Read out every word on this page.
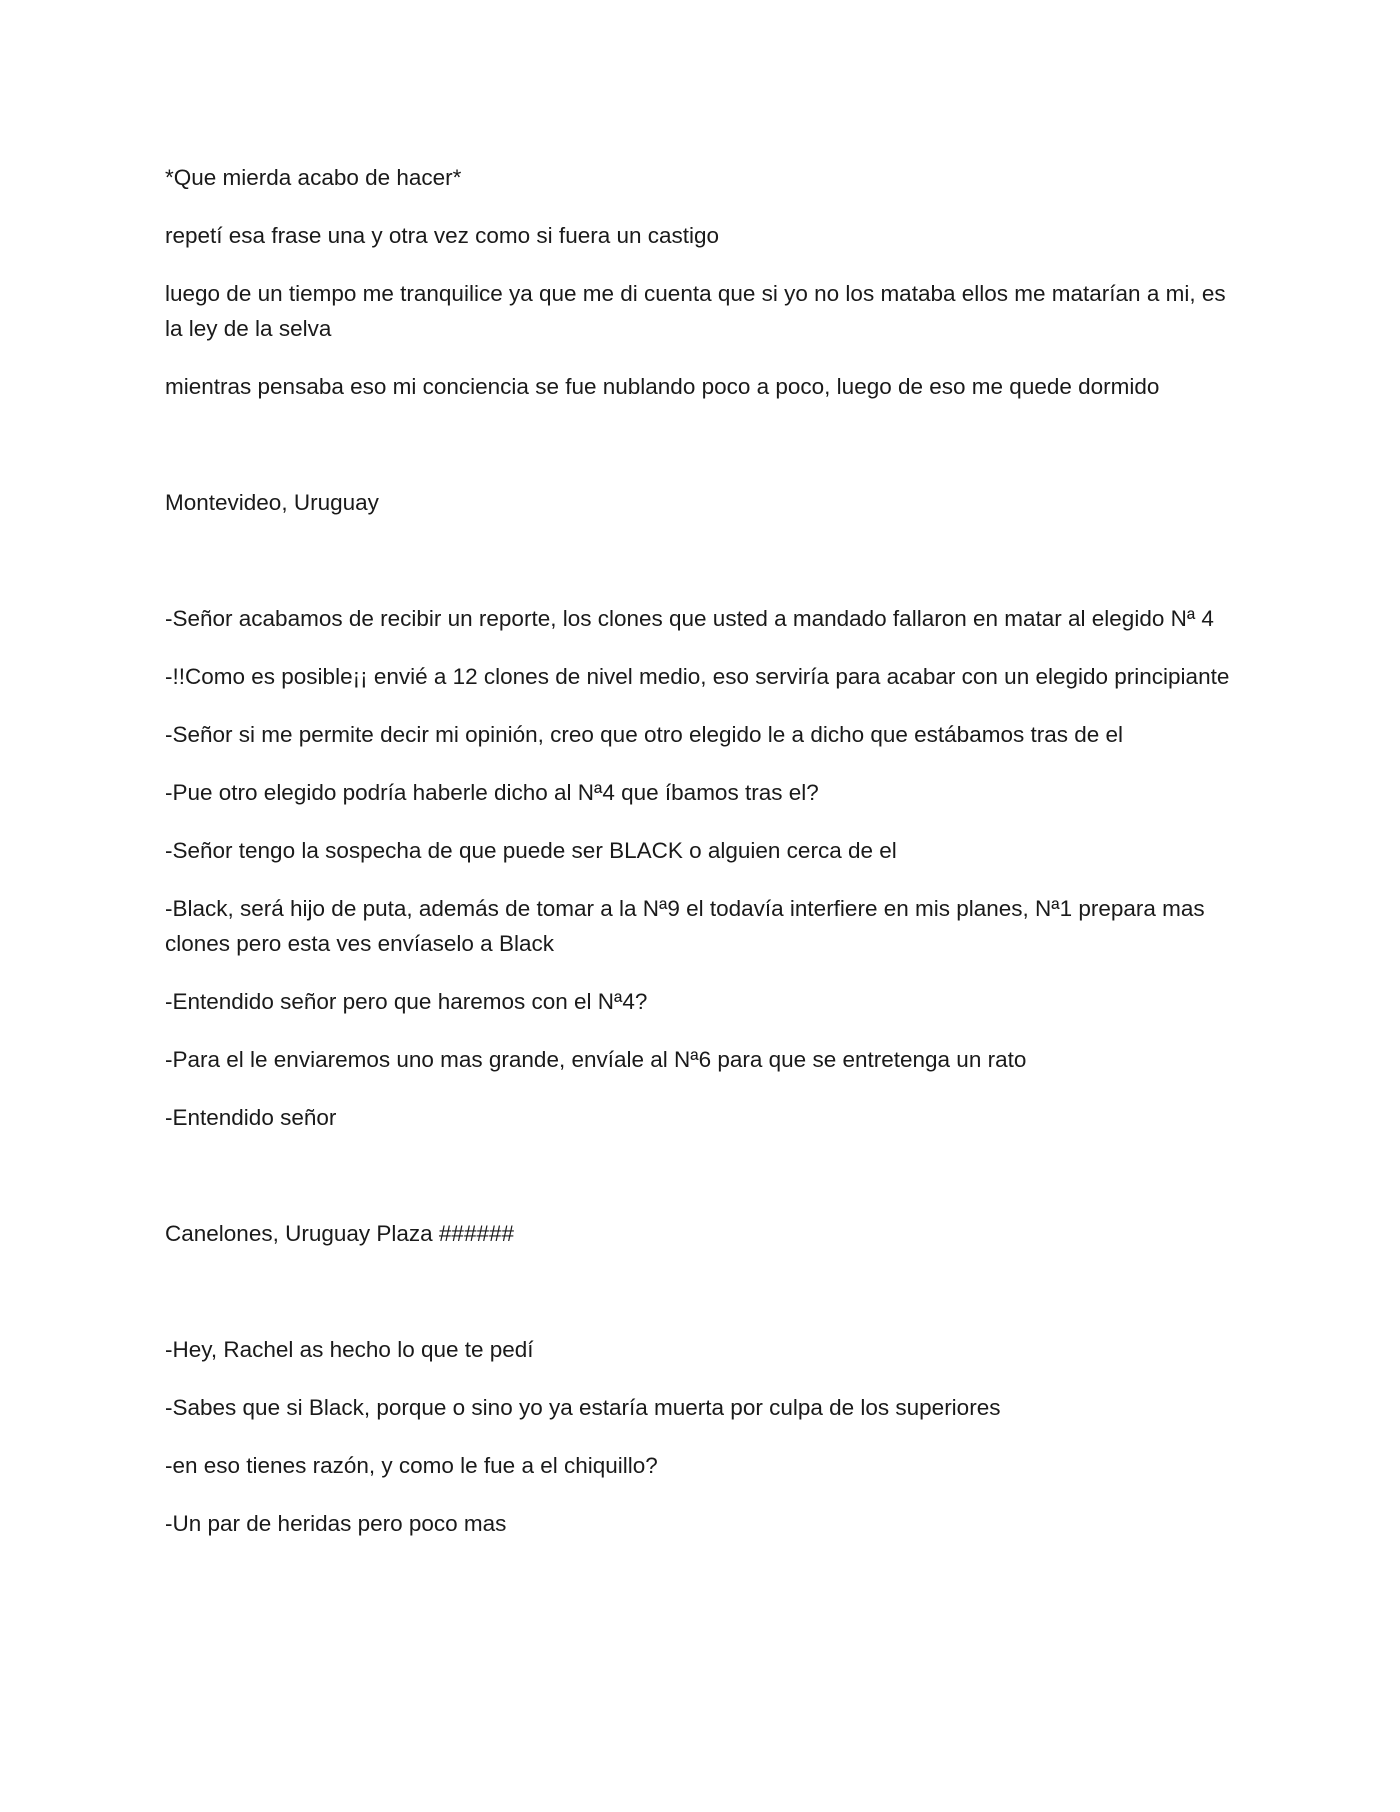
*Que mierda acabo de hacer*

repetí esa frase una y otra vez como si fuera un castigo

luego de un tiempo me tranquilice ya que me di cuenta que si yo no los mataba ellos me matarían a mi, es la ley de la selva

mientras pensaba eso mi conciencia se fue nublando poco a poco, luego de eso me quede dormido

Montevideo, Uruguay

-Señor acabamos de recibir un reporte, los clones que usted a mandado fallaron en matar al elegido Nª 4

-!!Como es posible¡¡ envié a 12 clones de nivel medio, eso serviría para acabar con un elegido principiante

-Señor si me permite decir mi opinión, creo que otro elegido le a dicho que estábamos tras de el

-Pue otro elegido podría haberle dicho al Nª4 que íbamos tras el?

-Señor tengo la sospecha de que puede ser BLACK o alguien cerca de el

-Black, será hijo de puta, además de tomar a la Nª9 el todavía interfiere en mis planes, Nª1 prepara mas clones pero esta ves envíaselo a Black

-Entendido señor pero que haremos con el Nª4?

-Para el le enviaremos uno mas grande, envíale al Nª6 para que se entretenga un rato

-Entendido señor

Canelones, Uruguay Plaza ######

-Hey, Rachel as hecho lo que te pedí

-Sabes que si Black, porque o sino yo ya estaría muerta por culpa de los superiores

-en eso tienes razón, y como le fue a el chiquillo?

-Un par de heridas pero poco mas
